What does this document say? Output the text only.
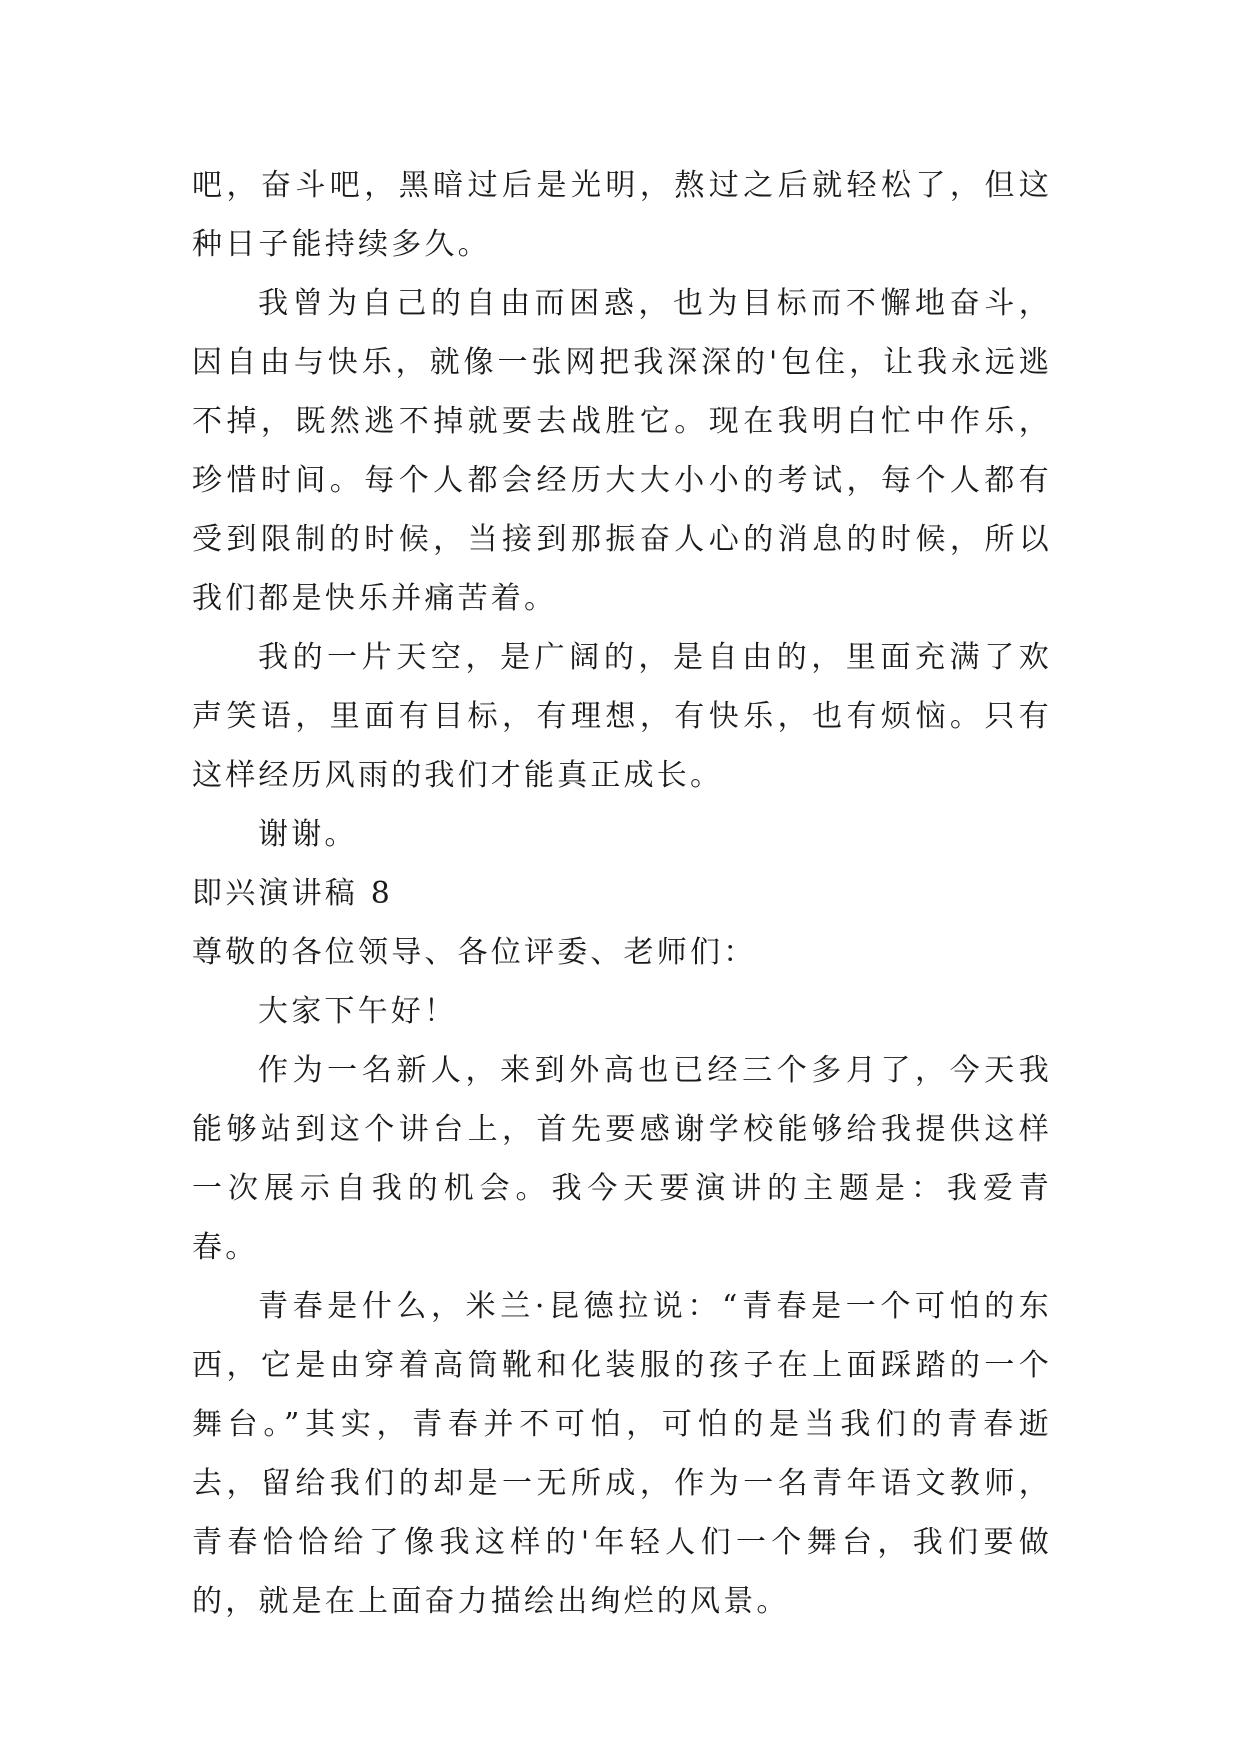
吧，奋斗吧，黑暗过后是光明，熬过之后就轻松了，但这种日子能持续多久。

我曾为自己的自由而困惑，也为目标而不懈地奋斗，因自由与快乐，就像一张网把我深深的'包住，让我永远逃不掉，既然逃不掉就要去战胜它。现在我明白忙中作乐，珍惜时间。每个人都会经历大大小小的考试，每个人都有受到限制的时候，当接到那振奋人心的消息的时候，所以我们都是快乐并痛苦着。

我的一片天空，是广阔的，是自由的，里面充满了欢声笑语，里面有目标，有理想，有快乐，也有烦恼。只有这样经历风雨的我们才能真正成长。

谢谢。

即兴演讲稿 8

尊敬的各位领导、各位评委、老师们：

大家下午好！

作为一名新人，来到外高也已经三个多月了，今天我能够站到这个讲台上，首先要感谢学校能够给我提供这样一次展示自我的机会。我今天要演讲的主题是：我爱青春。

青春是什么，米兰·昆德拉说：“青春是一个可怕的东西，它是由穿着高筒靴和化装服的孩子在上面踩踏的一个舞台。”其实，青春并不可怕，可怕的是当我们的青春逝去，留给我们的却是一无所成，作为一名青年语文教师，青春恰恰给了像我这样的'年轻人们一个舞台，我们要做的，就是在上面奋力描绘出绚烂的风景。
